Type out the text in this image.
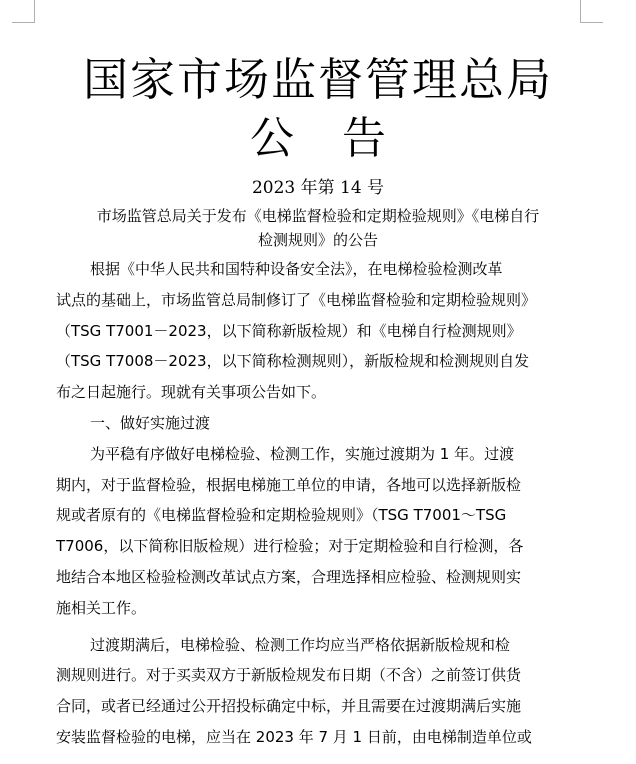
国家市场监督管理总局
公告
2023 年第 14 号
市场监管总局关于发布《电梯监督检验和定期检验规则》《电梯自行
检测规则》的公告
根据《中华人民共和国特种设备安全法》，在电梯检验检测改革
试点的基础上，市场监管总局制修订了《电梯监督检验和定期检验规则》
（TSG T7001－2023，以下简称新版检规）和《电梯自行检测规则》
（TSG T7008－2023，以下简称检测规则），新版检规和检测规则自发
布之日起施行。现就有关事项公告如下。
一、做好实施过渡
为平稳有序做好电梯检验、检测工作，实施过渡期为 1 年。过渡
期内，对于监督检验，根据电梯施工单位的申请，各地可以选择新版检
规或者原有的《电梯监督检验和定期检验规则》（TSG T7001～TSG
T7006，以下简称旧版检规）进行检验；对于定期检验和自行检测，各
地结合本地区检验检测改革试点方案，合理选择相应检验、检测规则实
施相关工作。
过渡期满后，电梯检验、检测工作均应当严格依据新版检规和检
测规则进行。对于买卖双方于新版检规发布日期（不含）之前签订供货
合同，或者已经通过公开招投标确定中标，并且需要在过渡期满后实施
安装监督检验的电梯，应当在 2023 年 7 月 1 日前，由电梯制造单位或
